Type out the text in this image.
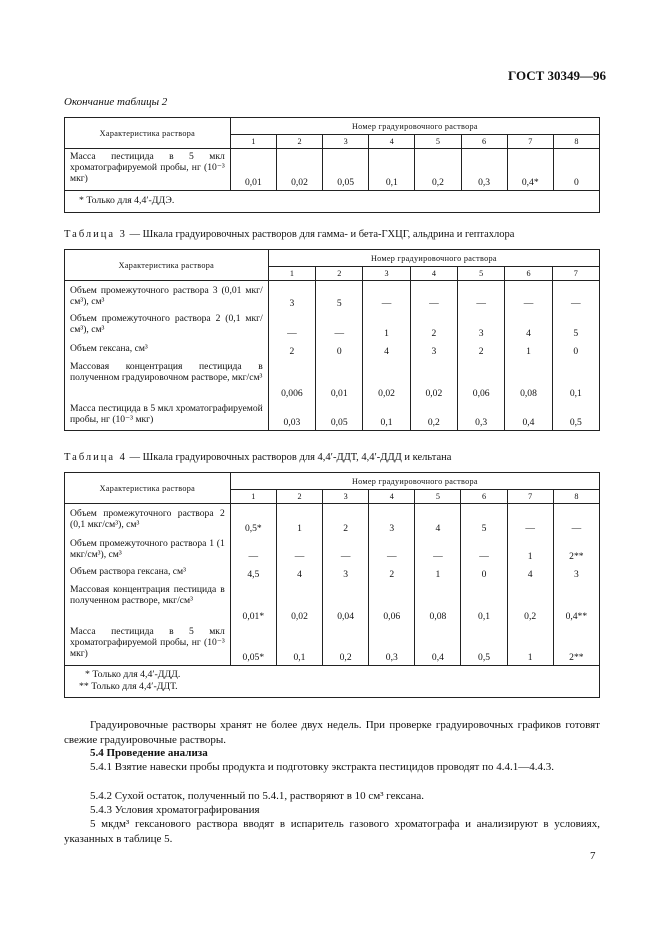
ГОСТ 30349—96
Окончание таблицы 2
Характеристика раствора	Номер градуировочного раствора							
	1	2	3	4	5	6	7	8
Масса пестицида в 5 мкл хроматографируемой пробы, нг (10⁻³ мкг)	0,01	0,02	0,05	0,1	0,2	0,3	0,4*	0
* Только для 4,4′-ДДЭ.								
Таблица 3 — Шкала градуировочных растворов для гамма- и бета-ГХЦГ, альдрина и гептахлора
Характеристика раствора	Номер градуировочного раствора						
	1	2	3	4	5	6	7
Объем промежуточного раствора 3 (0,01 мкг/см³), см³	3	5	—	—	—	—	—
Объем промежуточного раствора 2 (0,1 мкг/см³), см³	—	—	1	2	3	4	5
Объем гексана, см³	2	0	4	3	2	1	0
Массовая концентрация пестицида в полученном градуировочном растворе, мкг/см³	0,006	0,01	0,02	0,02	0,06	0,08	0,1
Масса пестицида в 5 мкл хроматографируемой пробы, нг (10⁻³ мкг)	0,03	0,05	0,1	0,2	0,3	0,4	0,5
Таблица 4 — Шкала градуировочных растворов для 4,4′-ДДТ, 4,4′-ДДД и кельтана
Характеристика раствора	Номер градуировочного раствора							
	1	2	3	4	5	6	7	8
Объем промежуточного раствора 2 (0,1 мкг/см³), см³	0,5*	1	2	3	4	5	—	—
Объем промежуточного раствора 1 (1 мкг/см³), см³	—	—	—	—	—	—	1	2**
Объем раствора гексана, см³	4,5	4	3	2	1	0	4	3
Массовая концентрация пестицида в полученном растворе, мкг/см³	0,01*	0,02	0,04	0,06	0,08	0,1	0,2	0,4**
Масса пестицида в 5 мкл хроматографируемой пробы, нг (10⁻³ мкг)	0,05*	0,1	0,2	0,3	0,4	0,5	1	2**

* Только для 4,4′-ДДД.
** Только для 4,4′-ДДТ.								
Градуировочные растворы хранят не более двух недель. При проверке градуировочных графиков готовят свежие градуировочные растворы.
5.4 Проведение анализа
5.4.1 Взятие навески пробы продукта и подготовку экстракта пестицидов проводят по 4.4.1—4.4.3.
5.4.2 Сухой остаток, полученный по 5.4.1, растворяют в 10 см³ гексана.
5.4.3 Условия хроматографирования
5 мкдм³ гексанового раствора вводят в испаритель газового хроматографа и анализируют в условиях, указанных в таблице 5.
7
